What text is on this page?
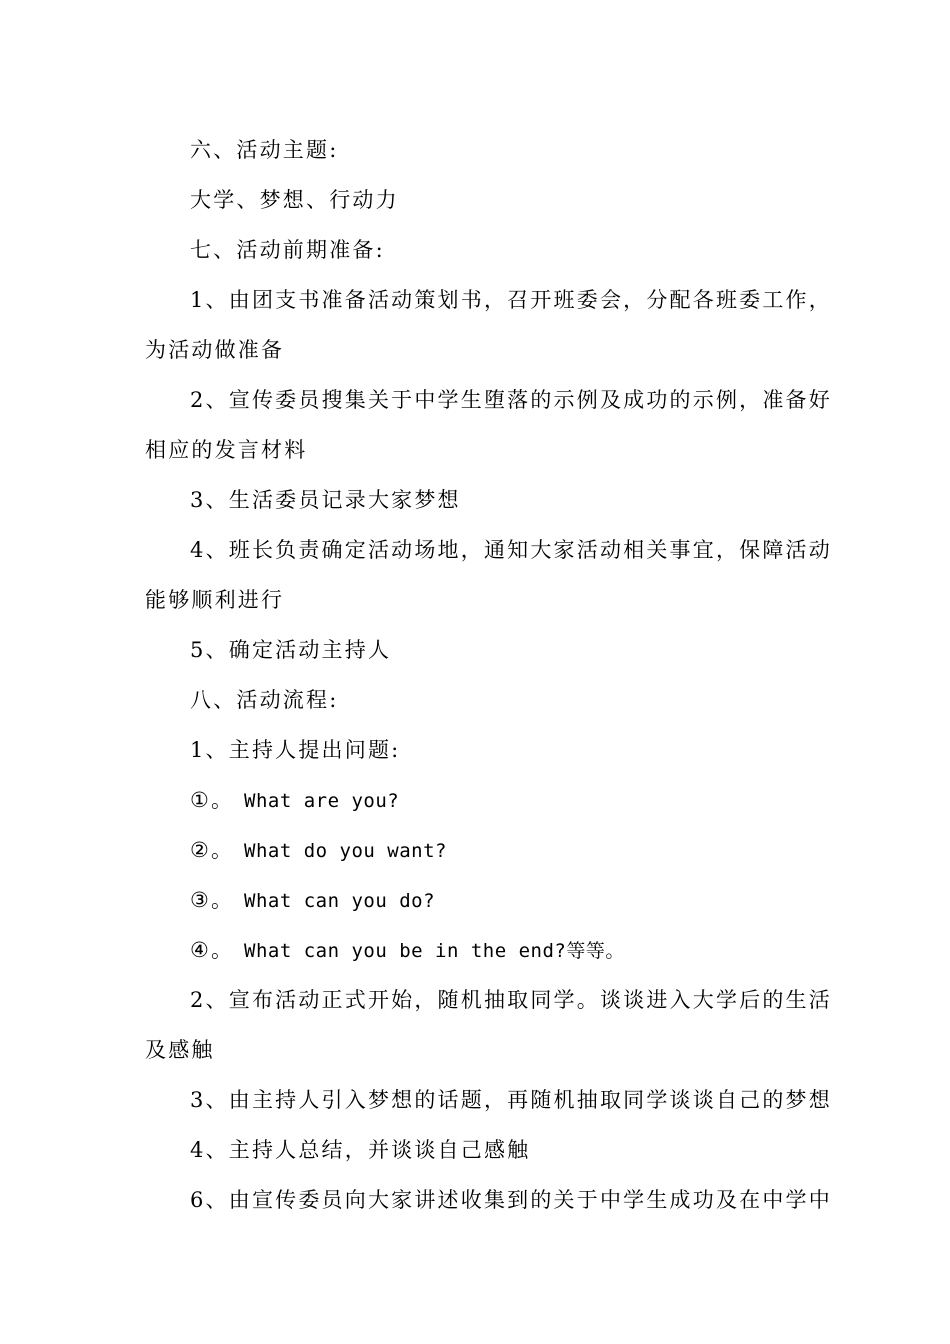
六、活动主题:
大学、梦想、行动力
七、活动前期准备:
1、由团支书准备活动策划书，召开班委会，分配各班委工作，
为活动做准备
2、宣传委员搜集关于中学生堕落的示例及成功的示例，准备好
相应的发言材料
3、生活委员记录大家梦想
4、班长负责确定活动场地，通知大家活动相关事宜，保障活动
能够顺利进行
5、确定活动主持人
八、活动流程:
1、主持人提出问题:
①。 What are you?
②。 What do you want?
③。 What can you do?
④。 What can you be in the end?等等。
2、宣布活动正式开始，随机抽取同学。谈谈进入大学后的生活
及感触
3、由主持人引入梦想的话题，再随机抽取同学谈谈自己的梦想
4、主持人总结，并谈谈自己感触
6、由宣传委员向大家讲述收集到的关于中学生成功及在中学中
